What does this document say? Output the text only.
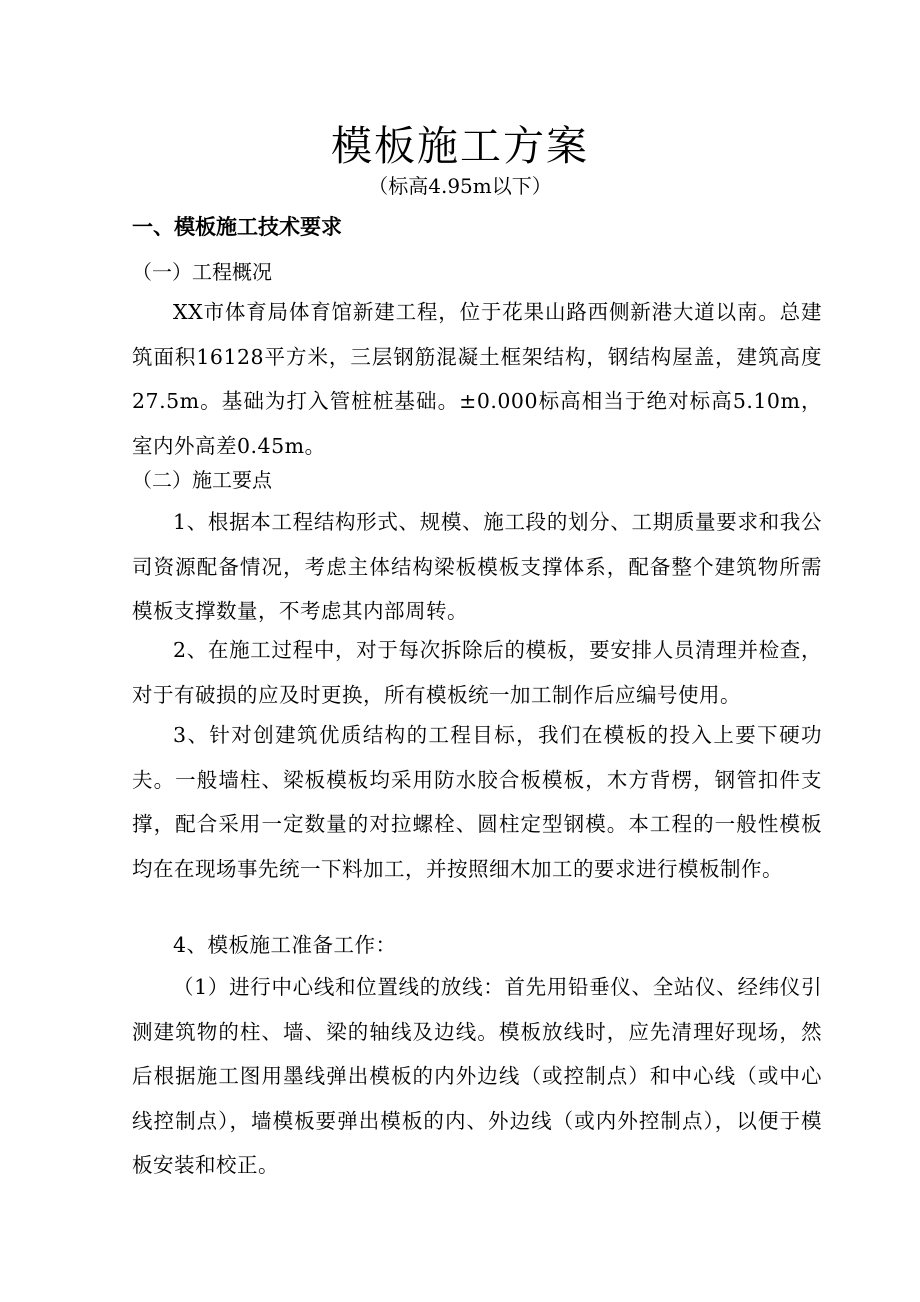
模板施工方案
（标高4.95m以下）
一、模板施工技术要求
（一）工程概况

XX市体育局体育馆新建工程，位于花果山路西侧新港大道以南。总建筑面积16128平方米，三层钢筋混凝土框架结构，钢结构屋盖，建筑高度27.5m。基础为打入管桩桩基础。±0.000标高相当于绝对标高5.10m，室内外高差0.45m。

（二）施工要点

1、根据本工程结构形式、规模、施工段的划分、工期质量要求和我公司资源配备情况，考虑主体结构梁板模板支撑体系，配备整个建筑物所需模板支撑数量，不考虑其内部周转。

2、在施工过程中，对于每次拆除后的模板，要安排人员清理并检查，对于有破损的应及时更换，所有模板统一加工制作后应编号使用。

3、针对创建筑优质结构的工程目标，我们在模板的投入上要下硬功夫。一般墙柱、梁板模板均采用防水胶合板模板，木方背楞，钢管扣件支撑，配合采用一定数量的对拉螺栓、圆柱定型钢模。本工程的一般性模板均在在现场事先统一下料加工，并按照细木加工的要求进行模板制作。

4、模板施工准备工作：

（1）进行中心线和位置线的放线：首先用铅垂仪、全站仪、经纬仪引测建筑物的柱、墙、梁的轴线及边线。模板放线时，应先清理好现场，然后根据施工图用墨线弹出模板的内外边线（或控制点）和中心线（或中心线控制点），墙模板要弹出模板的内、外边线（或内外控制点），以便于模板安装和校正。
